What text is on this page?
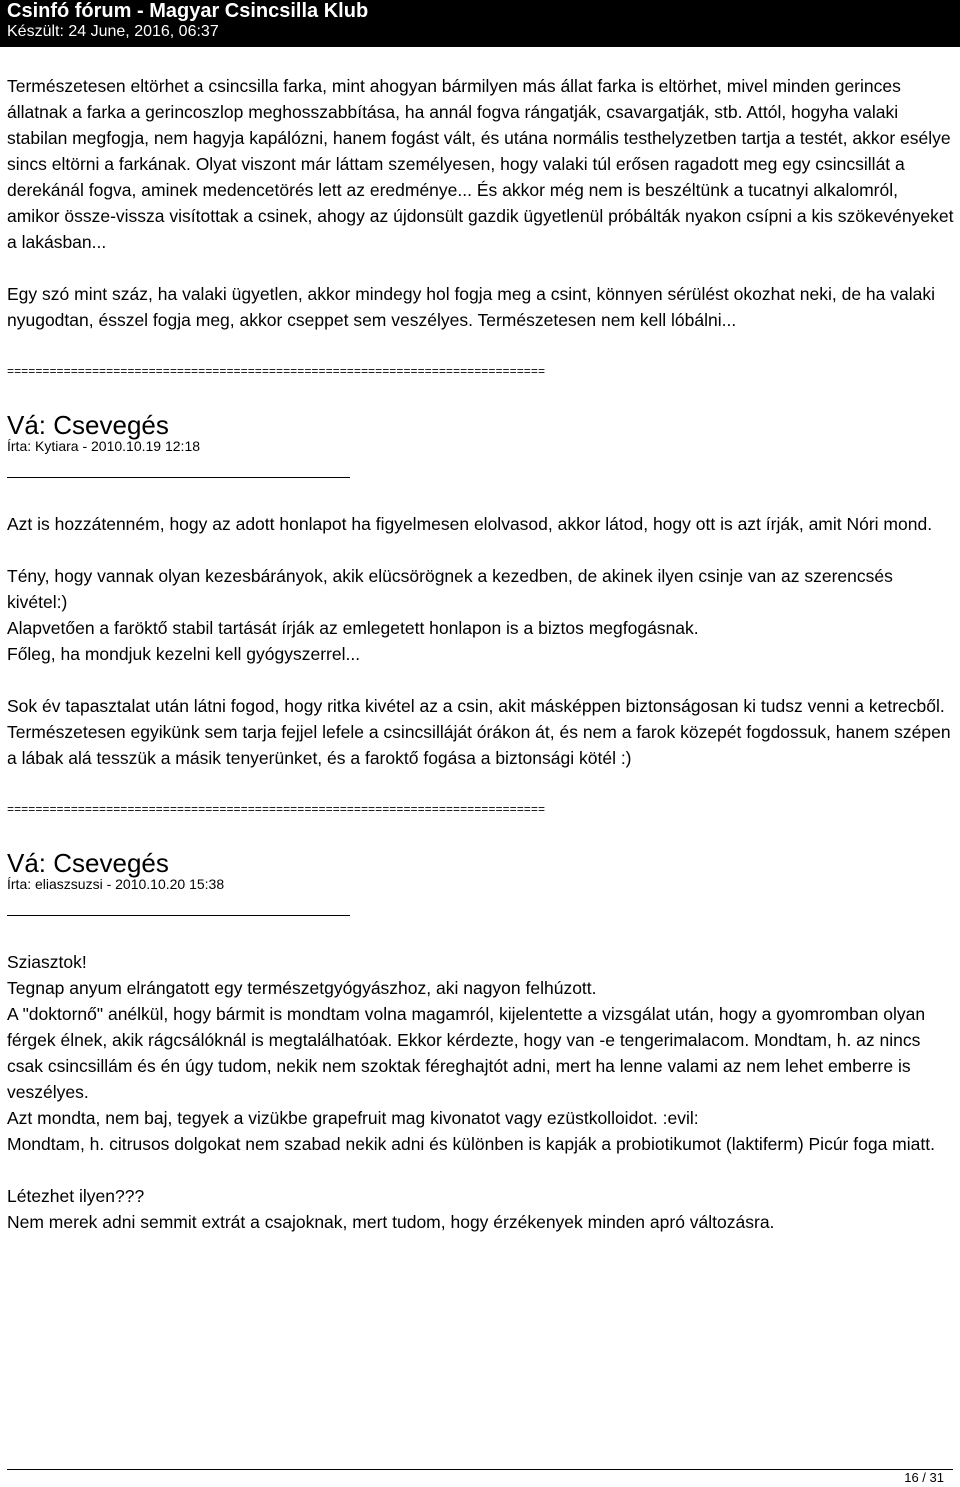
Csinfó fórum - Magyar Csincsilla Klub
Készült: 24 June, 2016, 06:37
Természetesen eltörhet a csincsilla farka, mint ahogyan bármilyen más állat farka is eltörhet, mivel minden gerinces állatnak a farka a gerincoszlop meghosszabbítása, ha annál fogva rángatják, csavargatják, stb. Attól, hogyha valaki stabilan megfogja, nem hagyja kapálózni, hanem fogást vált, és utána normális testhelyzetben tartja a testét, akkor esélye sincs eltörni a farkának. Olyat viszont már láttam személyesen, hogy valaki túl erősen ragadott meg egy csincsillát a derekánál fogva, aminek medencetörés lett az eredménye... És akkor még nem is beszéltünk a tucatnyi alkalomról, amikor össze-vissza visítottak a csinek, ahogy az újdonsült gazdik ügyetlenül próbálták nyakon csípni a kis szökevényeket a lakásban...
Egy szó mint száz, ha valaki ügyetlen, akkor mindegy hol fogja meg a csint, könnyen sérülést okozhat neki, de ha valaki nyugodtan, ésszel fogja meg, akkor cseppet sem veszélyes. Természetesen nem kell lóbálni...
============================================================================
Vá: Csevegés
Írta: Kytiara - 2010.10.19 12:18
Azt is hozzátenném, hogy az adott honlapot ha figyelmesen elolvasod, akkor látod, hogy ott is azt írják, amit Nóri mond.
Tény, hogy vannak olyan kezesbárányok, akik elücsörögnek a kezedben, de akinek ilyen csinje van az szerencsés kivétel:)
Alapvetően a faröktő stabil tartását írják az emlegetett honlapon is a biztos megfogásnak.
Főleg, ha mondjuk kezelni kell gyógyszerrel...
Sok év tapasztalat után látni fogod, hogy ritka kivétel az a csin, akit másképpen biztonságosan ki tudsz venni a ketrecből.
Természetesen egyikünk sem tarja fejjel lefele a csincsilláját órákon át, és nem a farok közepét fogdossuk, hanem szépen a lábak alá tesszük a másik tenyerünket, és a faroktő fogása a biztonsági kötél :)
============================================================================
Vá: Csevegés
Írta: eliaszsuzsi - 2010.10.20 15:38
Sziasztok!
Tegnap anyum elrángatott egy természetgyógyászhoz, aki nagyon felhúzott.
A "doktornő" anélkül, hogy bármit is mondtam volna magamról, kijelentette a vizsgálat után, hogy a gyomromban olyan férgek élnek, akik rágcsálóknál is megtalálhatóak. Ekkor kérdezte, hogy van -e tengerimalacom. Mondtam, h. az nincs csak csincsillám és én úgy tudom, nekik nem szoktak féreghajtót adni, mert ha lenne valami az nem lehet emberre is veszélyes.
Azt mondta, nem baj, tegyek a vizükbe grapefruit mag kivonatot vagy ezüstkolloidot. :evil:
Mondtam, h. citrusos dolgokat nem szabad nekik adni és különben is kapják a probiotikumot (laktiferm) Picúr foga miatt.
Létezhet ilyen???
Nem merek adni semmit extrát a csajoknak, mert tudom, hogy érzékenyek minden apró változásra.
16 / 31
